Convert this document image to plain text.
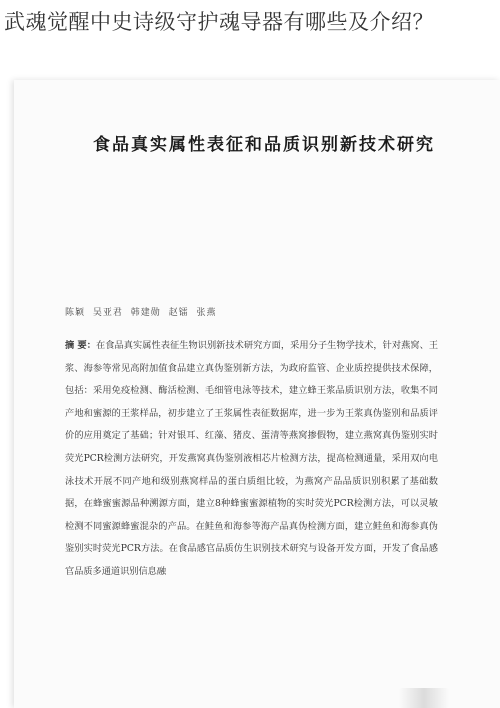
武魂觉醒中史诗级守护魂导器有哪些及介绍？
食品真实属性表征和品质识别新技术研究
陈颖 吴亚君 韩建勋 赵镭 张燕
摘 要：在食品真实属性表征生物识别新技术研究方面，采用分子生物学技术，针对燕窝、王浆、海参等常见高附加值食品建立真伪鉴别新方法，为政府监管、企业质控提供技术保障，包括：采用免疫检测、酶活检测、毛细管电泳等技术，建立蜂王浆品质识别方法，收集不同产地和蜜源的王浆样品，初步建立了王浆属性表征数据库，进一步为王浆真伪鉴别和品质评价的应用奠定了基础；针对银耳、红藻、猪皮、蛋清等燕窝掺假物，建立燕窝真伪鉴别实时荧光PCR检测方法研究，开发燕窝真伪鉴别液相芯片检测方法，提高检测通量，采用双向电泳技术开展不同产地和级别燕窝样品的蛋白质组比较，为燕窝产品品质识别积累了基础数据，在蜂蜜蜜源品种溯源方面，建立8种蜂蜜蜜源植物的实时荧光PCR检测方法，可以灵敏检测不同蜜源蜂蜜混杂的产品。在鲑鱼和海参等海产品真伪检测方面，建立鲑鱼和海参真伪鉴别实时荧光PCR方法。在食品感官品质仿生识别技术研究与设备开发方面，开发了食品感官品质多通道识别信息融
